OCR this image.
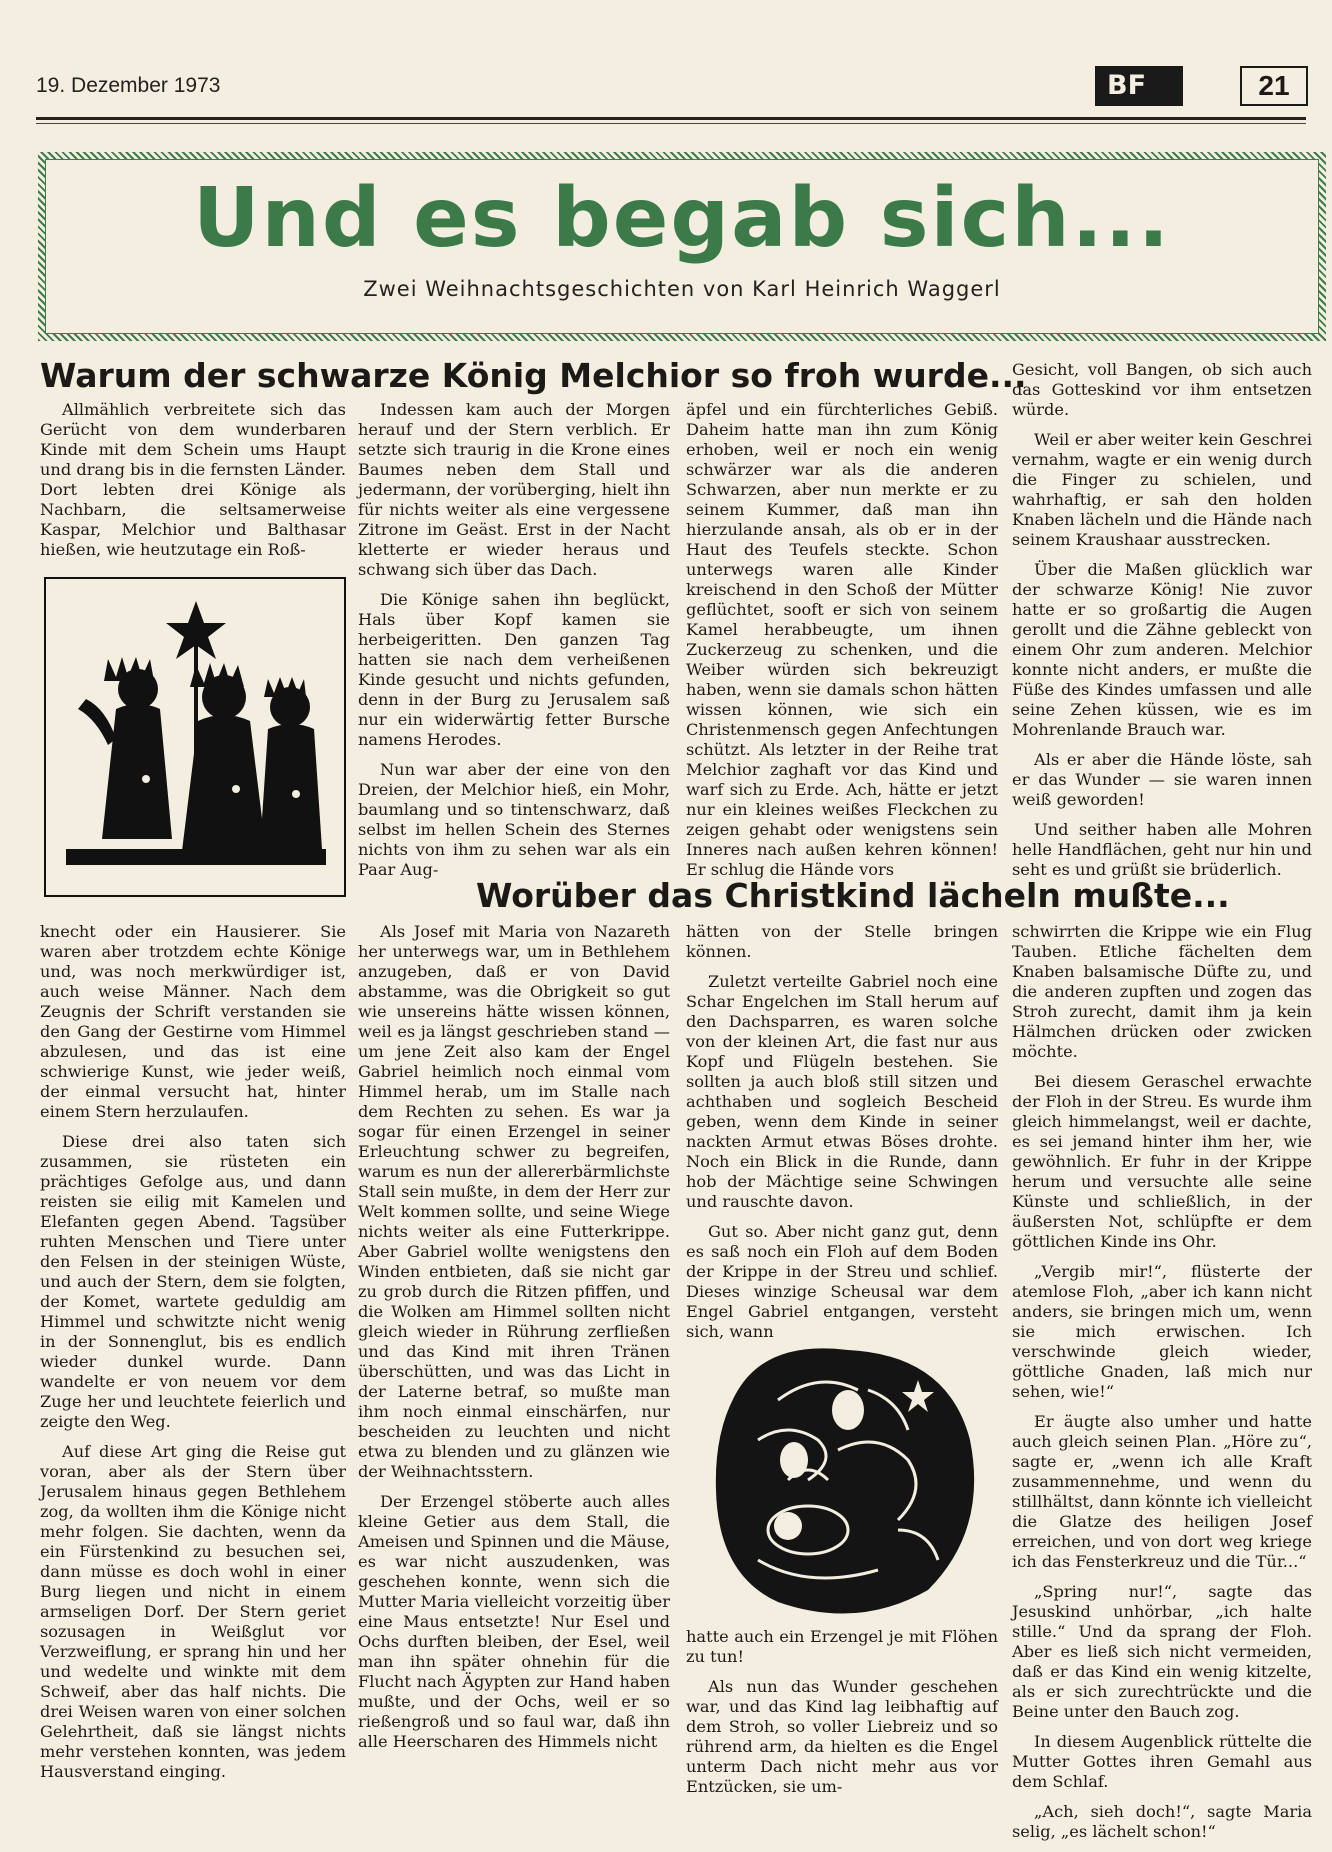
19. Dezember 1973	BF	21
Und es begab sich...
Zwei Weihnachtsgeschichten von Karl Heinrich Waggerl
Warum der schwarze König Melchior so froh wurde...

Allmählich verbreitete sich das Gerücht von dem wunderbaren Kinde mit dem Schein ums Haupt und drang bis in die fernsten Länder. Dort lebten drei Könige als Nachbarn, die seltsamerweise Kaspar, Melchior und Balthasar hießen, wie heutzutage ein Roß-

Indessen kam auch der Morgen herauf und der Stern verblich. Er setzte sich traurig in die Krone eines Baumes neben dem Stall und jedermann, der vorüberging, hielt ihn für nichts weiter als eine vergessene Zitrone im Geäst. Erst in der Nacht kletterte er wieder heraus und schwang sich über das Dach.

Die Könige sahen ihn beglückt, Hals über Kopf kamen sie herbeigeritten. Den ganzen Tag hatten sie nach dem verheißenen Kinde gesucht und nichts gefunden, denn in der Burg zu Jerusalem saß nur ein widerwärtig fetter Bursche namens Herodes.

Nun war aber der eine von den Dreien, der Melchior hieß, ein Mohr, baumlang und so tintenschwarz, daß selbst im hellen Schein des Sternes nichts von ihm zu sehen war als ein Paar Aug-

äpfel und ein fürchterliches Gebiß. Daheim hatte man ihn zum König erhoben, weil er noch ein wenig schwärzer war als die anderen Schwarzen, aber nun merkte er zu seinem Kummer, daß man ihn hierzulande ansah, als ob er in der Haut des Teufels steckte. Schon unterwegs waren alle Kinder kreischend in den Schoß der Mütter geflüchtet, sooft er sich von seinem Kamel herabbeugte, um ihnen Zuckerzeug zu schenken, und die Weiber würden sich bekreuzigt haben, wenn sie damals schon hätten wissen können, wie sich ein Christenmensch gegen Anfechtungen schützt. Als letzter in der Reihe trat Melchior zaghaft vor das Kind und warf sich zu Erde. Ach, hätte er jetzt nur ein kleines weißes Fleckchen zu zeigen gehabt oder wenigstens sein Inneres nach außen kehren können! Er schlug die Hände vors

Gesicht, voll Bangen, ob sich auch das Gotteskind vor ihm entsetzen würde.

Weil er aber weiter kein Geschrei vernahm, wagte er ein wenig durch die Finger zu schielen, und wahrhaftig, er sah den holden Knaben lächeln und die Hände nach seinem Kraushaar ausstrecken.

Über die Maßen glücklich war der schwarze König! Nie zuvor hatte er so großartig die Augen gerollt und die Zähne gebleckt von einem Ohr zum anderen. Melchior konnte nicht anders, er mußte die Füße des Kindes umfassen und alle seine Zehen küssen, wie es im Mohrenlande Brauch war.

Als er aber die Hände löste, sah er das Wunder — sie waren innen weiß geworden!

Und seither haben alle Mohren helle Handflächen, geht nur hin und seht es und grüßt sie brüderlich.

Worüber das Christkind lächeln mußte...

knecht oder ein Hausierer. Sie waren aber trotzdem echte Könige und, was noch merkwürdiger ist, auch weise Männer. Nach dem Zeugnis der Schrift verstanden sie den Gang der Gestirne vom Himmel abzulesen, und das ist eine schwierige Kunst, wie jeder weiß, der einmal versucht hat, hinter einem Stern herzulaufen.

Diese drei also taten sich zusammen, sie rüsteten ein prächtiges Gefolge aus, und dann reisten sie eilig mit Kamelen und Elefanten gegen Abend. Tagsüber ruhten Menschen und Tiere unter den Felsen in der steinigen Wüste, und auch der Stern, dem sie folgten, der Komet, wartete geduldig am Himmel und schwitzte nicht wenig in der Sonnenglut, bis es endlich wieder dunkel wurde. Dann wandelte er von neuem vor dem Zuge her und leuchtete feierlich und zeigte den Weg.

Auf diese Art ging die Reise gut voran, aber als der Stern über Jerusalem hinaus gegen Bethlehem zog, da wollten ihm die Könige nicht mehr folgen. Sie dachten, wenn da ein Fürstenkind zu besuchen sei, dann müsse es doch wohl in einer Burg liegen und nicht in einem armseligen Dorf. Der Stern geriet sozusagen in Weißglut vor Verzweiflung, er sprang hin und her und wedelte und winkte mit dem Schweif, aber das half nichts. Die drei Weisen waren von einer solchen Gelehrtheit, daß sie längst nichts mehr verstehen konnten, was jedem Hausverstand einging.

Als Josef mit Maria von Nazareth her unterwegs war, um in Bethlehem anzugeben, daß er von David abstamme, was die Obrigkeit so gut wie unsereins hätte wissen können, weil es ja längst geschrieben stand — um jene Zeit also kam der Engel Gabriel heimlich noch einmal vom Himmel herab, um im Stalle nach dem Rechten zu sehen. Es war ja sogar für einen Erzengel in seiner Erleuchtung schwer zu begreifen, warum es nun der allererbärmlichste Stall sein mußte, in dem der Herr zur Welt kommen sollte, und seine Wiege nichts weiter als eine Futterkrippe. Aber Gabriel wollte wenigstens den Winden entbieten, daß sie nicht gar zu grob durch die Ritzen pfiffen, und die Wolken am Himmel sollten nicht gleich wieder in Rührung zerfließen und das Kind mit ihren Tränen überschütten, und was das Licht in der Laterne betraf, so mußte man ihm noch einmal einschärfen, nur bescheiden zu leuchten und nicht etwa zu blenden und zu glänzen wie der Weihnachtsstern.

Der Erzengel stöberte auch alles kleine Getier aus dem Stall, die Ameisen und Spinnen und die Mäuse, es war nicht auszudenken, was geschehen konnte, wenn sich die Mutter Maria vielleicht vorzeitig über eine Maus entsetzte! Nur Esel und Ochs durften bleiben, der Esel, weil man ihn später ohnehin für die Flucht nach Ägypten zur Hand haben mußte, und der Ochs, weil er so rießengroß und so faul war, daß ihn alle Heerscharen des Himmels nicht

hätten von der Stelle bringen können.

Zuletzt verteilte Gabriel noch eine Schar Engelchen im Stall herum auf den Dachsparren, es waren solche von der kleinen Art, die fast nur aus Kopf und Flügeln bestehen. Sie sollten ja auch bloß still sitzen und achthaben und sogleich Bescheid geben, wenn dem Kinde in seiner nackten Armut etwas Böses drohte. Noch ein Blick in die Runde, dann hob der Mächtige seine Schwingen und rauschte davon.

Gut so. Aber nicht ganz gut, denn es saß noch ein Floh auf dem Boden der Krippe in der Streu und schlief. Dieses winzige Scheusal war dem Engel Gabriel entgangen, versteht sich, wann

hatte auch ein Erzengel je mit Flöhen zu tun!

Als nun das Wunder geschehen war, und das Kind lag leibhaftig auf dem Stroh, so voller Liebreiz und so rührend arm, da hielten es die Engel unterm Dach nicht mehr aus vor Entzücken, sie um-

schwirrten die Krippe wie ein Flug Tauben. Etliche fächelten dem Knaben balsamische Düfte zu, und die anderen zupften und zogen das Stroh zurecht, damit ihm ja kein Hälmchen drücken oder zwicken möchte.

Bei diesem Geraschel erwachte der Floh in der Streu. Es wurde ihm gleich himmelangst, weil er dachte, es sei jemand hinter ihm her, wie gewöhnlich. Er fuhr in der Krippe herum und versuchte alle seine Künste und schließlich, in der äußersten Not, schlüpfte er dem göttlichen Kinde ins Ohr.

„Vergib mir!“, flüsterte der atemlose Floh, „aber ich kann nicht anders, sie bringen mich um, wenn sie mich erwischen. Ich verschwinde gleich wieder, göttliche Gnaden, laß mich nur sehen, wie!“

Er äugte also umher und hatte auch gleich seinen Plan. „Höre zu“, sagte er, „wenn ich alle Kraft zusammennehme, und wenn du stillhältst, dann könnte ich vielleicht die Glatze des heiligen Josef erreichen, und von dort weg kriege ich das Fensterkreuz und die Tür...“

„Spring nur!“, sagte das Jesuskind unhörbar, „ich halte stille.“ Und da sprang der Floh. Aber es ließ sich nicht vermeiden, daß er das Kind ein wenig kitzelte, als er sich zurechtrückte und die Beine unter den Bauch zog.

In diesem Augenblick rüttelte die Mutter Gottes ihren Gemahl aus dem Schlaf.

„Ach, sieh doch!“, sagte Maria selig, „es lächelt schon!“
